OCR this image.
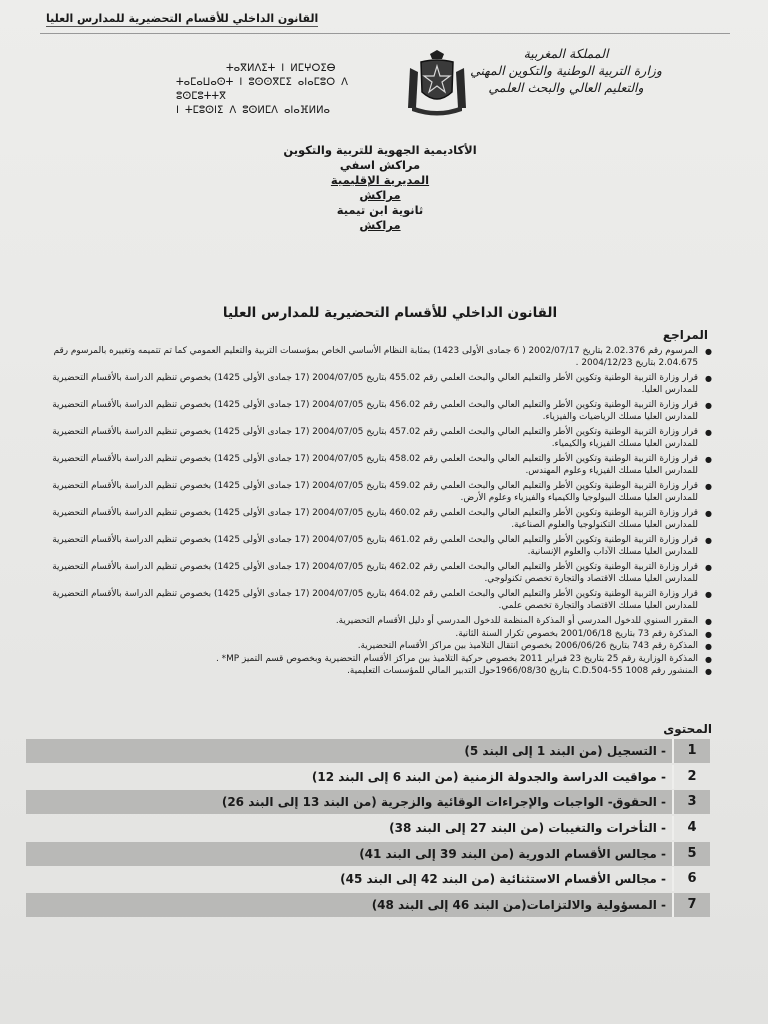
القانون الداخلي للأقسام التحضيرية للمدارس العليا
المملكة المغربية
وزارة التربية الوطنية والتكوين المهني
والتعليم العالي والبحث العلمي
ⵜⴰⴳⵍⴷⵉⵜ ⵏ ⵍⵎⵖⵔⵉⴱ
ⵜⴰⵎⴰⵡⴰⵙⵜ ⵏ ⵓⵙⵙⴳⵎⵉ ⴰⵏⴰⵎⵓⵔ ⴷ ⵓⵙⵎⵓⵜⵜⴳ
ⵏ ⵜⵎⵓⵙⵏⵉ ⴷ ⵓⵙⵍⵎⴷ ⴰⵏⴰⴼⵍⵍⴰ
الأكاديمية الجهوية للتربية والتكوين
مراكش اسفي
المديرية الإقليمية
مراكش
ثانوية ابن تيمية
مراكش
القانون الداخلي للأقسام التحضيرية للمدارس العليا
المراجع
●
المرسوم رقم 2.02.376 بتاريخ 2002/07/17 ( 6 جمادى الأولى 1423) بمثابة النظام الأساسي الخاص بمؤسسات التربية والتعليم العمومي كما تم تتميمه وتغييره بالمرسوم رقم 2.04.675 بتاريخ 2004/12/23 .
●
قرار وزارة التربية الوطنية وتكوين الأطر والتعليم العالي والبحث العلمي رقم 455.02 بتاريخ 2004/07/05 (17 جمادى الأولى 1425) بخصوص تنظيم الدراسة بالأقسام التحضيرية للمدارس العليا.
●
قرار وزارة التربية الوطنية وتكوين الأطر والتعليم العالي والبحث العلمي رقم 456.02 بتاريخ 2004/07/05 (17 جمادى الأولى 1425) بخصوص تنظيم الدراسة بالأقسام التحضيرية للمدارس العليا مسلك الرياضيات والفيزياء.
●
قرار وزارة التربية الوطنية وتكوين الأطر والتعليم العالي والبحث العلمي رقم 457.02 بتاريخ 2004/07/05 (17 جمادى الأولى 1425) بخصوص تنظيم الدراسة بالأقسام التحضيرية للمدارس العليا مسلك الفيزياء والكيمياء.
●
قرار وزارة التربية الوطنية وتكوين الأطر والتعليم العالي والبحث العلمي رقم 458.02 بتاريخ 2004/07/05 (17 جمادى الأولى 1425) بخصوص تنظيم الدراسة بالأقسام التحضيرية للمدارس العليا مسلك الفيزياء وعلوم المهندس.
●
قرار وزارة التربية الوطنية وتكوين الأطر والتعليم العالي والبحث العلمي رقم 459.02 بتاريخ 2004/07/05 (17 جمادى الأولى 1425) بخصوص تنظيم الدراسة بالأقسام التحضيرية للمدارس العليا مسلك البيولوجيا والكيمياء والفيزياء وعلوم الأرض.
●
قرار وزارة التربية الوطنية وتكوين الأطر والتعليم العالي والبحث العلمي رقم 460.02 بتاريخ 2004/07/05 (17 جمادى الأولى 1425) بخصوص تنظيم الدراسة بالأقسام التحضيرية للمدارس العليا مسلك التكنولوجيا والعلوم الصناعية.
●
قرار وزارة التربية الوطنية وتكوين الأطر والتعليم العالي والبحث العلمي رقم 461.02 بتاريخ 2004/07/05 (17 جمادى الأولى 1425) بخصوص تنظيم الدراسة بالأقسام التحضيرية للمدارس العليا مسلك الآداب والعلوم الإنسانية.
●
قرار وزارة التربية الوطنية وتكوين الأطر والتعليم العالي والبحث العلمي رقم 462.02 بتاريخ 2004/07/05 (17 جمادى الأولى 1425) بخصوص تنظيم الدراسة بالأقسام التحضيرية للمدارس العليا مسلك الاقتصاد والتجارة تخصص تكنولوجي.
●
قرار وزارة التربية الوطنية وتكوين الأطر والتعليم العالي والبحث العلمي رقم 464.02 بتاريخ 2004/07/05 (17 جمادى الأولى 1425) بخصوص تنظيم الدراسة بالأقسام التحضيرية للمدارس العليا مسلك الاقتصاد والتجارة تخصص علمي.
●
المقرر السنوي للدخول المدرسي أو المذكرة المنظمة للدخول المدرسي أو دليل الأقسام التحضيرية.
●
المذكرة رقم 73 بتاريخ 2001/06/18 بخصوص تكرار السنة الثانية.
●
المذكرة رقم 743 بتاريخ 2006/06/26 بخصوص انتقال التلاميذ بين مراكز الأقسام التحضيرية.
●
المذكرة الوزارية رقم 25 بتاريخ 23 فبراير 2011 بخصوص حركية التلاميذ بين مراكز الأقسام التحضيرية وبخصوص قسم التميز MP* .
●
المنشور رقم C.D.504-55 1008 بتاريخ 1966/08/30حول التدبير المالي للمؤسسات التعليمية.
المحتوى
1
- التسجيل (من البند 1 إلى البند 5)
2
- مواقيت الدراسة والجدولة الزمنية (من البند 6 إلى البند 12)
3
- الحقوق- الواجبات والإجراءات الوقائية والزجرية (من البند 13 إلى البند 26)
4
- التأخرات والتغيبات (من البند 27 إلى البند 38)
5
- مجالس الأقسام الدورية (من البند 39 إلى البند 41)
6
- مجالس الأقسام الاستثنائية (من البند 42 إلى البند 45)
7
- المسؤولية والالتزامات(من البند 46 إلى البند 48)
